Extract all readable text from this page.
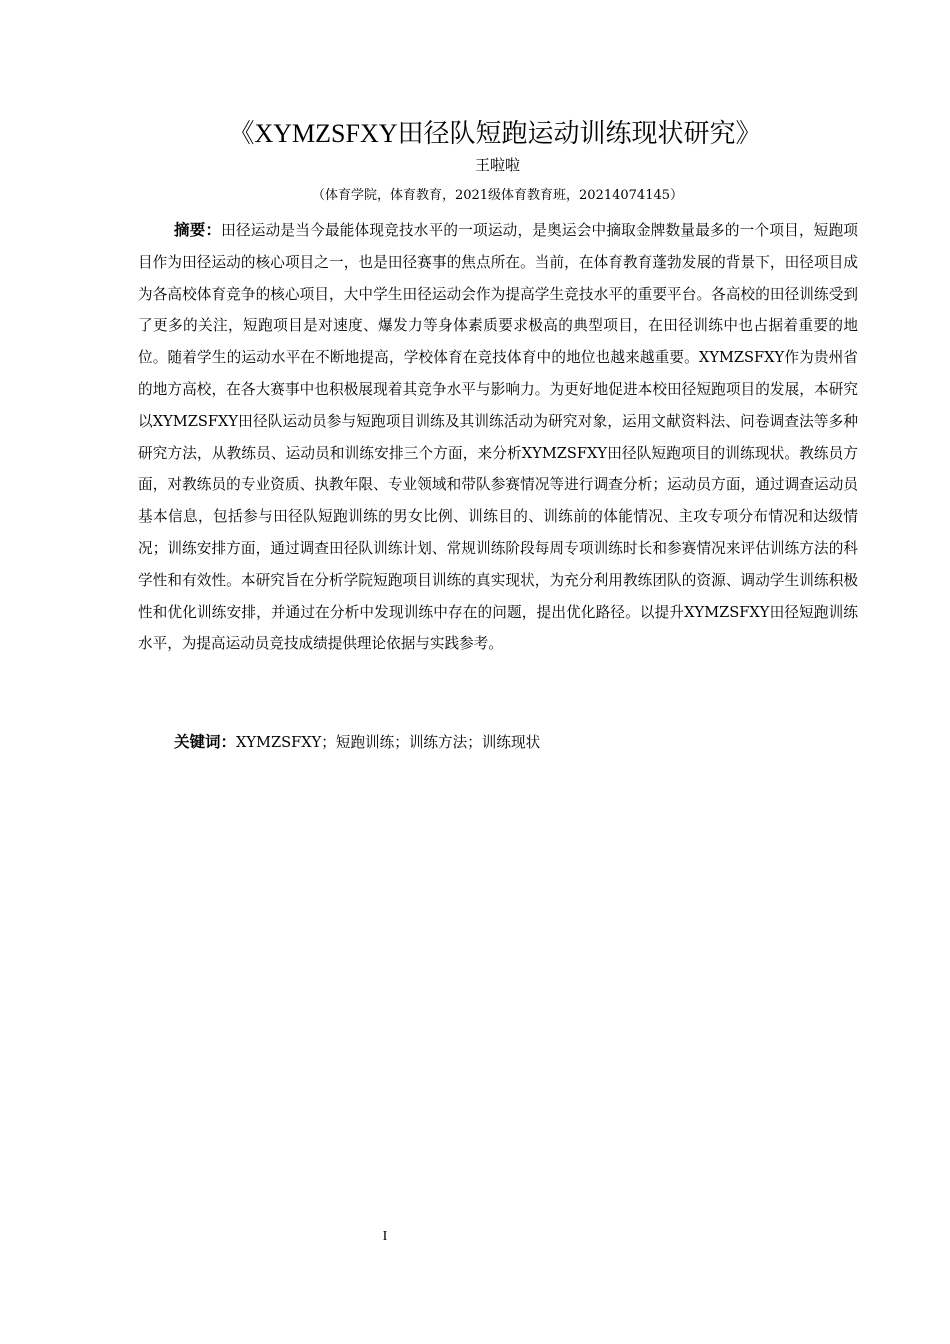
《XYMZSFXY田径队短跑运动训练现状研究》
王啦啦
（体育学院，体育教育，2021级体育教育班，20214074145）

摘要：田径运动是当今最能体现竞技水平的一项运动，是奥运会中摘取金牌数量最多的一个项目，短跑项目作为田径运动的核心项目之一，也是田径赛事的焦点所在。当前，在体育教育蓬勃发展的背景下，田径项目成为各高校体育竞争的核心项目，大中学生田径运动会作为提高学生竞技水平的重要平台。各高校的田径训练受到了更多的关注，短跑项目是对速度、爆发力等身体素质要求极高的典型项目，在田径训练中也占据着重要的地位。随着学生的运动水平在不断地提高，学校体育在竞技体育中的地位也越来越重要。XYMZSFXY作为贵州省的地方高校，在各大赛事中也积极展现着其竞争水平与影响力。为更好地促进本校田径短跑项目的发展，本研究以XYMZSFXY田径队运动员参与短跑项目训练及其训练活动为研究对象，运用文献资料法、问卷调查法等多种研究方法，从教练员、运动员和训练安排三个方面，来分析XYMZSFXY田径队短跑项目的训练现状。教练员方面，对教练员的专业资质、执教年限、专业领域和带队参赛情况等进行调查分析；运动员方面，通过调查运动员基本信息，包括参与田径队短跑训练的男女比例、训练目的、训练前的体能情况、主攻专项分布情况和达级情况；训练安排方面，通过调查田径队训练计划、常规训练阶段每周专项训练时长和参赛情况来评估训练方法的科学性和有效性。本研究旨在分析学院短跑项目训练的真实现状，为充分利用教练团队的资源、调动学生训练积极性和优化训练安排，并通过在分析中发现训练中存在的问题，提出优化路径。以提升XYMZSFXY田径短跑训练水平，为提高运动员竞技成绩提供理论依据与实践参考。

关键词：XYMZSFXY；短跑训练；训练方法；训练现状

I
